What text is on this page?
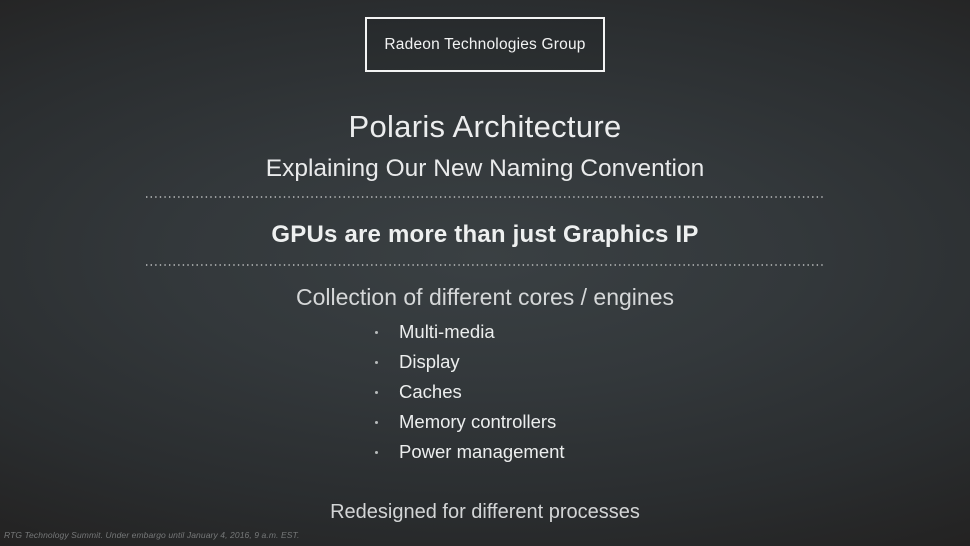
Radeon Technologies Group
Polaris Architecture
Explaining Our New Naming Convention
GPUs are more than just Graphics IP
Collection of different cores / engines
Multi-media
Display
Caches
Memory controllers
Power management
Redesigned for different processes
RTG Technology Summit. Under embargo until January 4, 2016, 9 a.m. EST.
